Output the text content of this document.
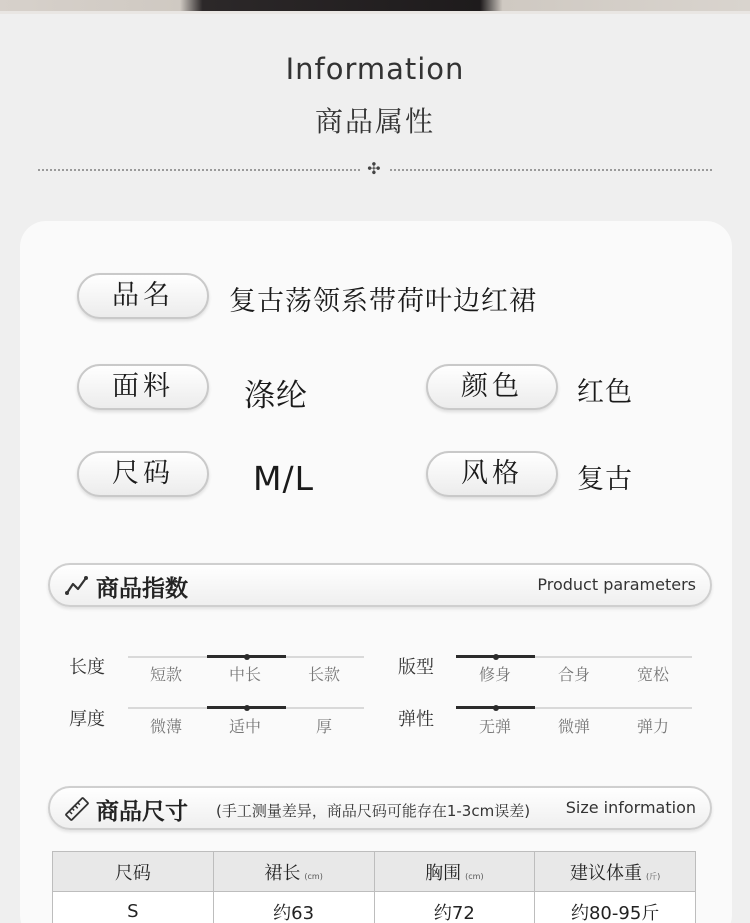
Information
商品属性
✣
品名	复古荡领系带荷叶边红裙
面料	涤纶	颜色	红色
尺码	M/L	风格	复古
商品指数	Product parameters
长度	短款	中长	长款	版型	修身	合身	宽松
厚度	微薄	适中	厚	弹性	无弹	微弹	弹力
商品尺寸 (手工测量差异，商品尺码可能存在1-3cm误差) Size information
尺码	裙长 (cm)	胸围 (cm)	建议体重 (斤)
S	约63	约72	约80-95斤
